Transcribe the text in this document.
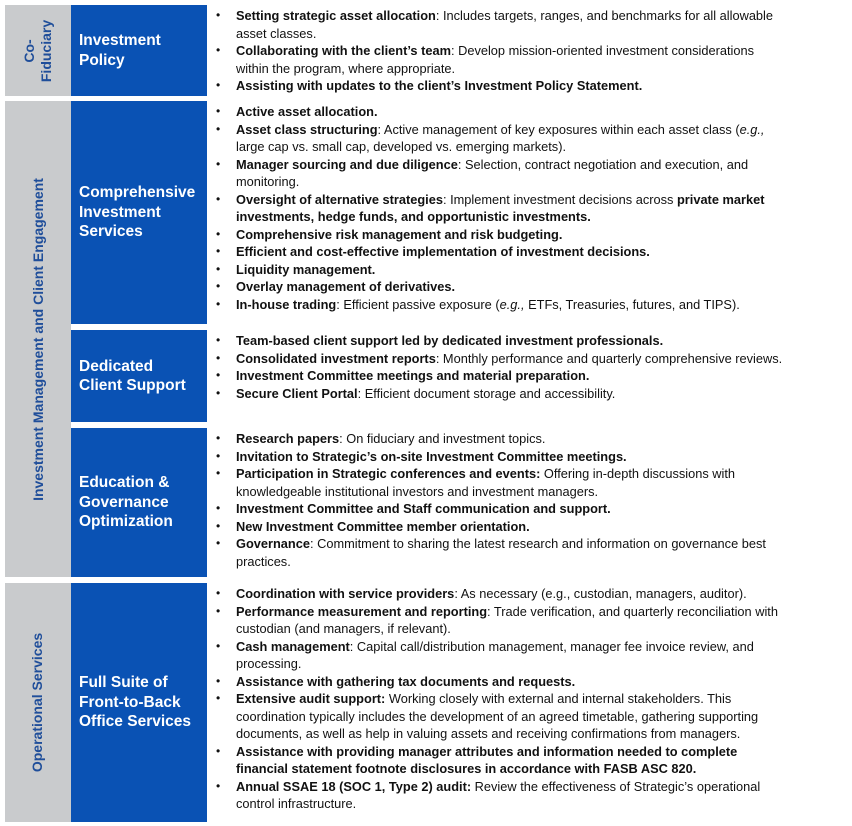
Co- Fiduciary
Investment Management and Client Engagement
Operational Services
Investment
Policy
Comprehensive
Investment
Services
Dedicated
Client Support
Education &
Governance
Optimization
Full Suite of
Front-to-Back
Office Services
• Setting strategic asset allocation: Includes targets, ranges, and benchmarks for all allowable
asset classes.
• Collaborating with the client’s team: Develop mission-oriented investment considerations
within the program, where appropriate.
• Assisting with updates to the client’s Investment Policy Statement.
• Active asset allocation.
• Asset class structuring: Active management of key exposures within each asset class (e.g.,
large cap vs. small cap, developed vs. emerging markets).
• Manager sourcing and due diligence: Selection, contract negotiation and execution, and
monitoring.
• Oversight of alternative strategies: Implement investment decisions across private market
investments, hedge funds, and opportunistic investments.
• Comprehensive risk management and risk budgeting.
• Efficient and cost-effective implementation of investment decisions.
• Liquidity management.
• Overlay management of derivatives.
• In-house trading: Efficient passive exposure (e.g., ETFs, Treasuries, futures, and TIPS).
• Team-based client support led by dedicated investment professionals.
• Consolidated investment reports: Monthly performance and quarterly comprehensive reviews.
• Investment Committee meetings and material preparation.
• Secure Client Portal: Efficient document storage and accessibility.
• Research papers: On fiduciary and investment topics.
• Invitation to Strategic’s on-site Investment Committee meetings.
• Participation in Strategic conferences and events: Offering in-depth discussions with
knowledgeable institutional investors and investment managers.
• Investment Committee and Staff communication and support.
• New Investment Committee member orientation.
• Governance: Commitment to sharing the latest research and information on governance best
practices.
• Coordination with service providers: As necessary (e.g., custodian, managers, auditor).
• Performance measurement and reporting: Trade verification, and quarterly reconciliation with
custodian (and managers, if relevant).
• Cash management: Capital call/distribution management, manager fee invoice review, and
processing.
• Assistance with gathering tax documents and requests.
• Extensive audit support: Working closely with external and internal stakeholders. This
coordination typically includes the development of an agreed timetable, gathering supporting
documents, as well as help in valuing assets and receiving confirmations from managers.
• Assistance with providing manager attributes and information needed to complete
financial statement footnote disclosures in accordance with FASB ASC 820.
• Annual SSAE 18 (SOC 1, Type 2) audit: Review the effectiveness of Strategic’s operational
control infrastructure.
